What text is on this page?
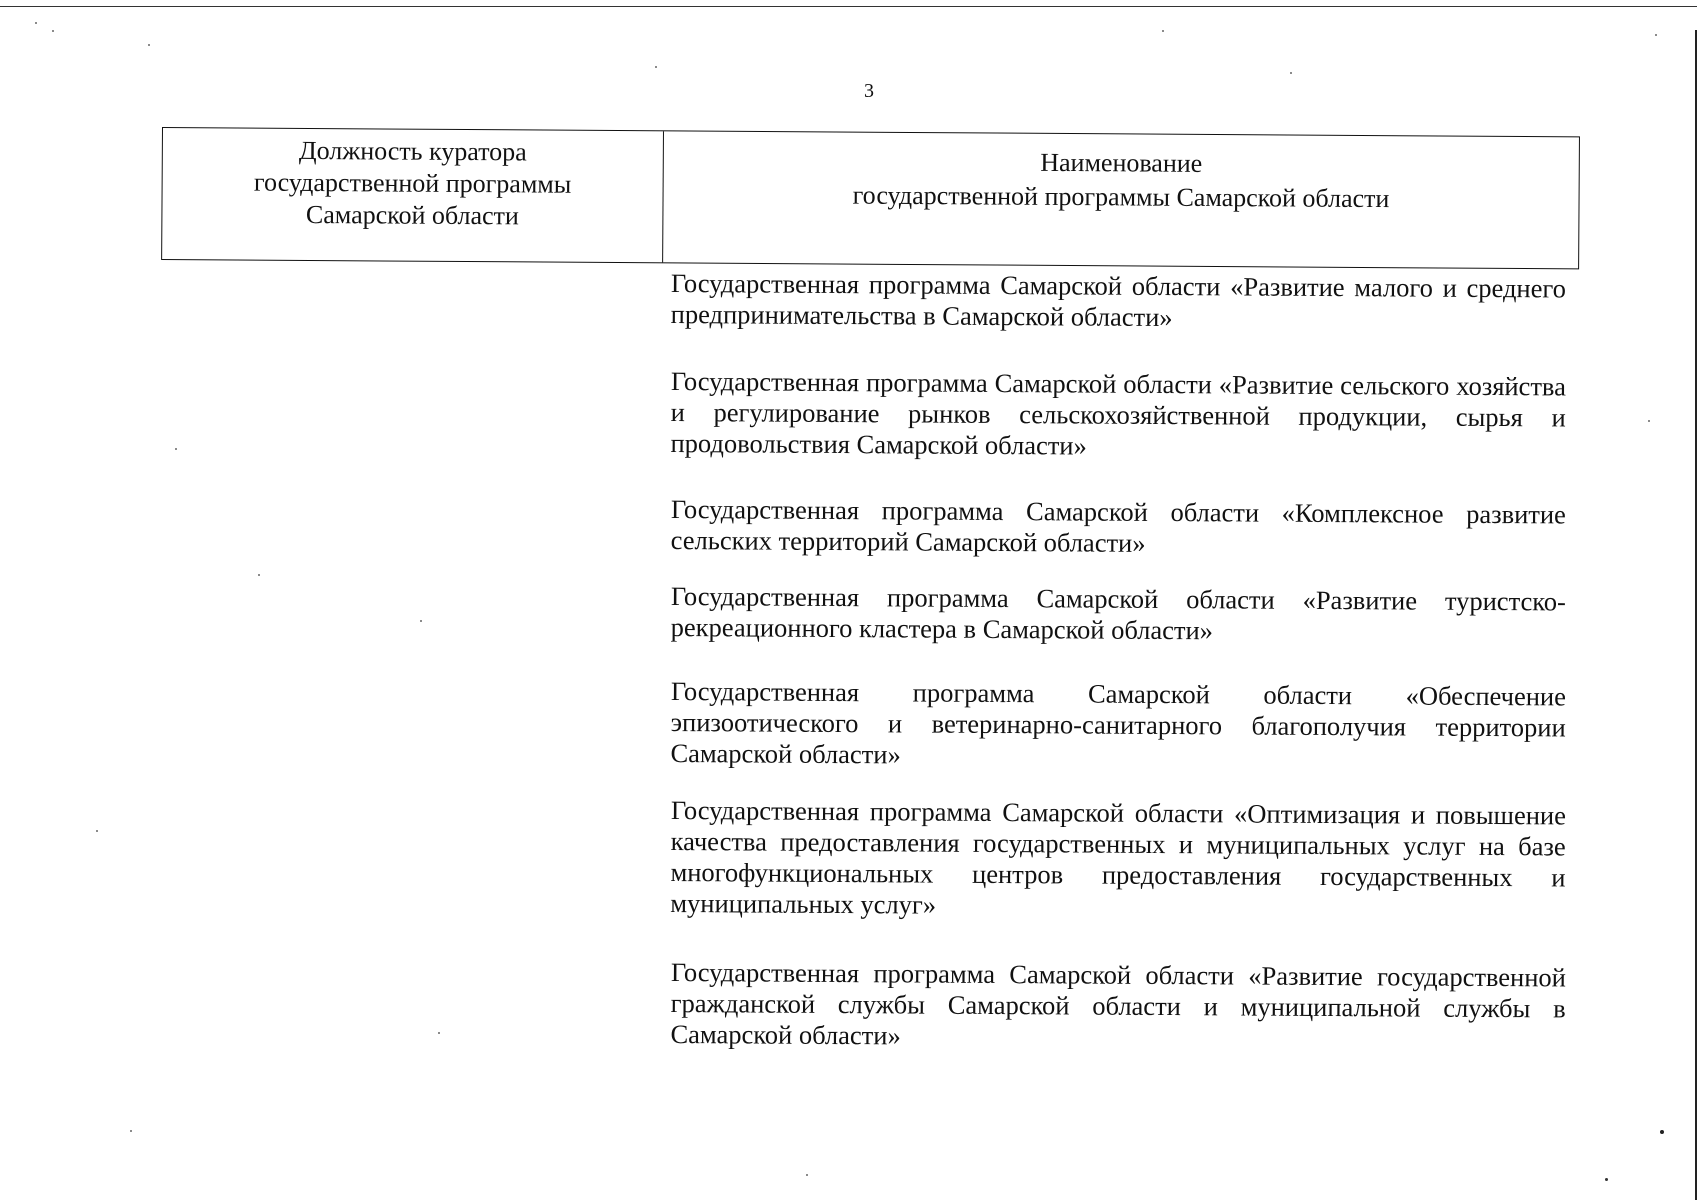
3
Должность куратора
государственной программы
Самарской области
Наименование
государственной программы Самарской области
Государственная программа Самарской области «Развитие малого и среднего предпринимательства в Самарской области»
Государственная программа Самарской области «Развитие сельского хозяйства и регулирование рынков сельскохозяйственной продукции, сырья и продовольствия Самарской области»
Государственная программа Самарской области «Комплексное развитие сельских территорий Самарской области»
Государственная программа Самарской области «Развитие туристско-рекреационного кластера в Самарской области»
Государственная программа Самарской области «Обеспечение эпизоотического и ветеринарно-санитарного благополучия территории Самарской области»
Государственная программа Самарской области «Оптимизация и повышение качества предоставления государственных и муниципальных услуг на базе многофункциональных центров предоставления государственных и муниципальных услуг»
Государственная программа Самарской области «Развитие государственной гражданской службы Самарской области и муниципальной службы в Самарской области»
